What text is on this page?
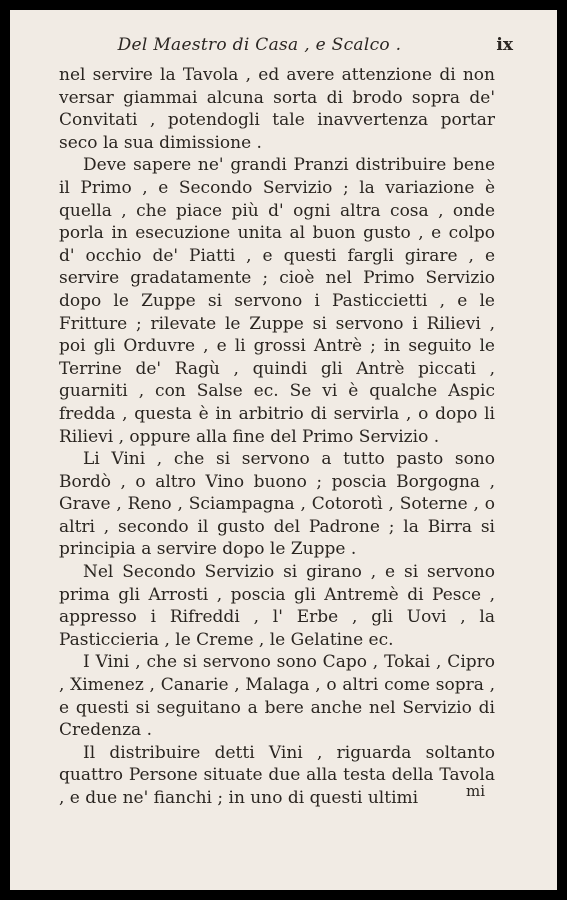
Del Maestro di Casa , e Scalco .	ix

nel servire la Tavola , ed avere attenzione di non versar giammai alcuna sorta di brodo sopra de' Convitati , potendogli tale inavvertenza portar seco la sua dimissione .

Deve sapere ne' grandi Pranzi distribuire bene il Primo , e Secondo Servizio ; la variazione è quella , che piace più d' ogni altra cosa , onde porla in esecuzione unita al buon gusto , e colpo d' occhio de' Piatti , e questi fargli girare , e servire gradatamente ; cioè nel Primo Servizio dopo le Zuppe si servono i Pasticcietti , e le Fritture ; rilevate le Zuppe si servono i Rilievi , poi gli Orduvre , e li grossi Antrè ; in seguito le Terrine de' Ragù , quindi gli Antrè piccati , guarniti , con Salse ec. Se vi è qualche Aspic fredda , questa è in arbitrio di servirla , o dopo li Rilievi , oppure alla fine del Primo Servizio .

Li Vini , che si servono a tutto pasto sono Bordò , o altro Vino buono ; poscia Borgogna , Grave , Reno , Sciampagna , Cotorotì , Soterne , o altri , secondo il gusto del Padrone ; la Birra si principia a servire dopo le Zuppe .

Nel Secondo Servizio si girano , e si servono prima gli Arrosti , poscia gli Antremè di Pesce , appresso i Rifreddi , l' Erbe , gli Uovi , la Pasticcieria , le Creme , le Gelatine ec.

I Vini , che si servono sono Capo , Tokai , Cipro , Ximenez , Canarie , Malaga , o altri come sopra , e questi si seguitano a bere anche nel Servizio di Credenza .

Il distribuire detti Vini , riguarda soltanto quattro Persone situate due alla testa della Tavola , e due ne' fianchi ; in uno di questi ultimi	mi
